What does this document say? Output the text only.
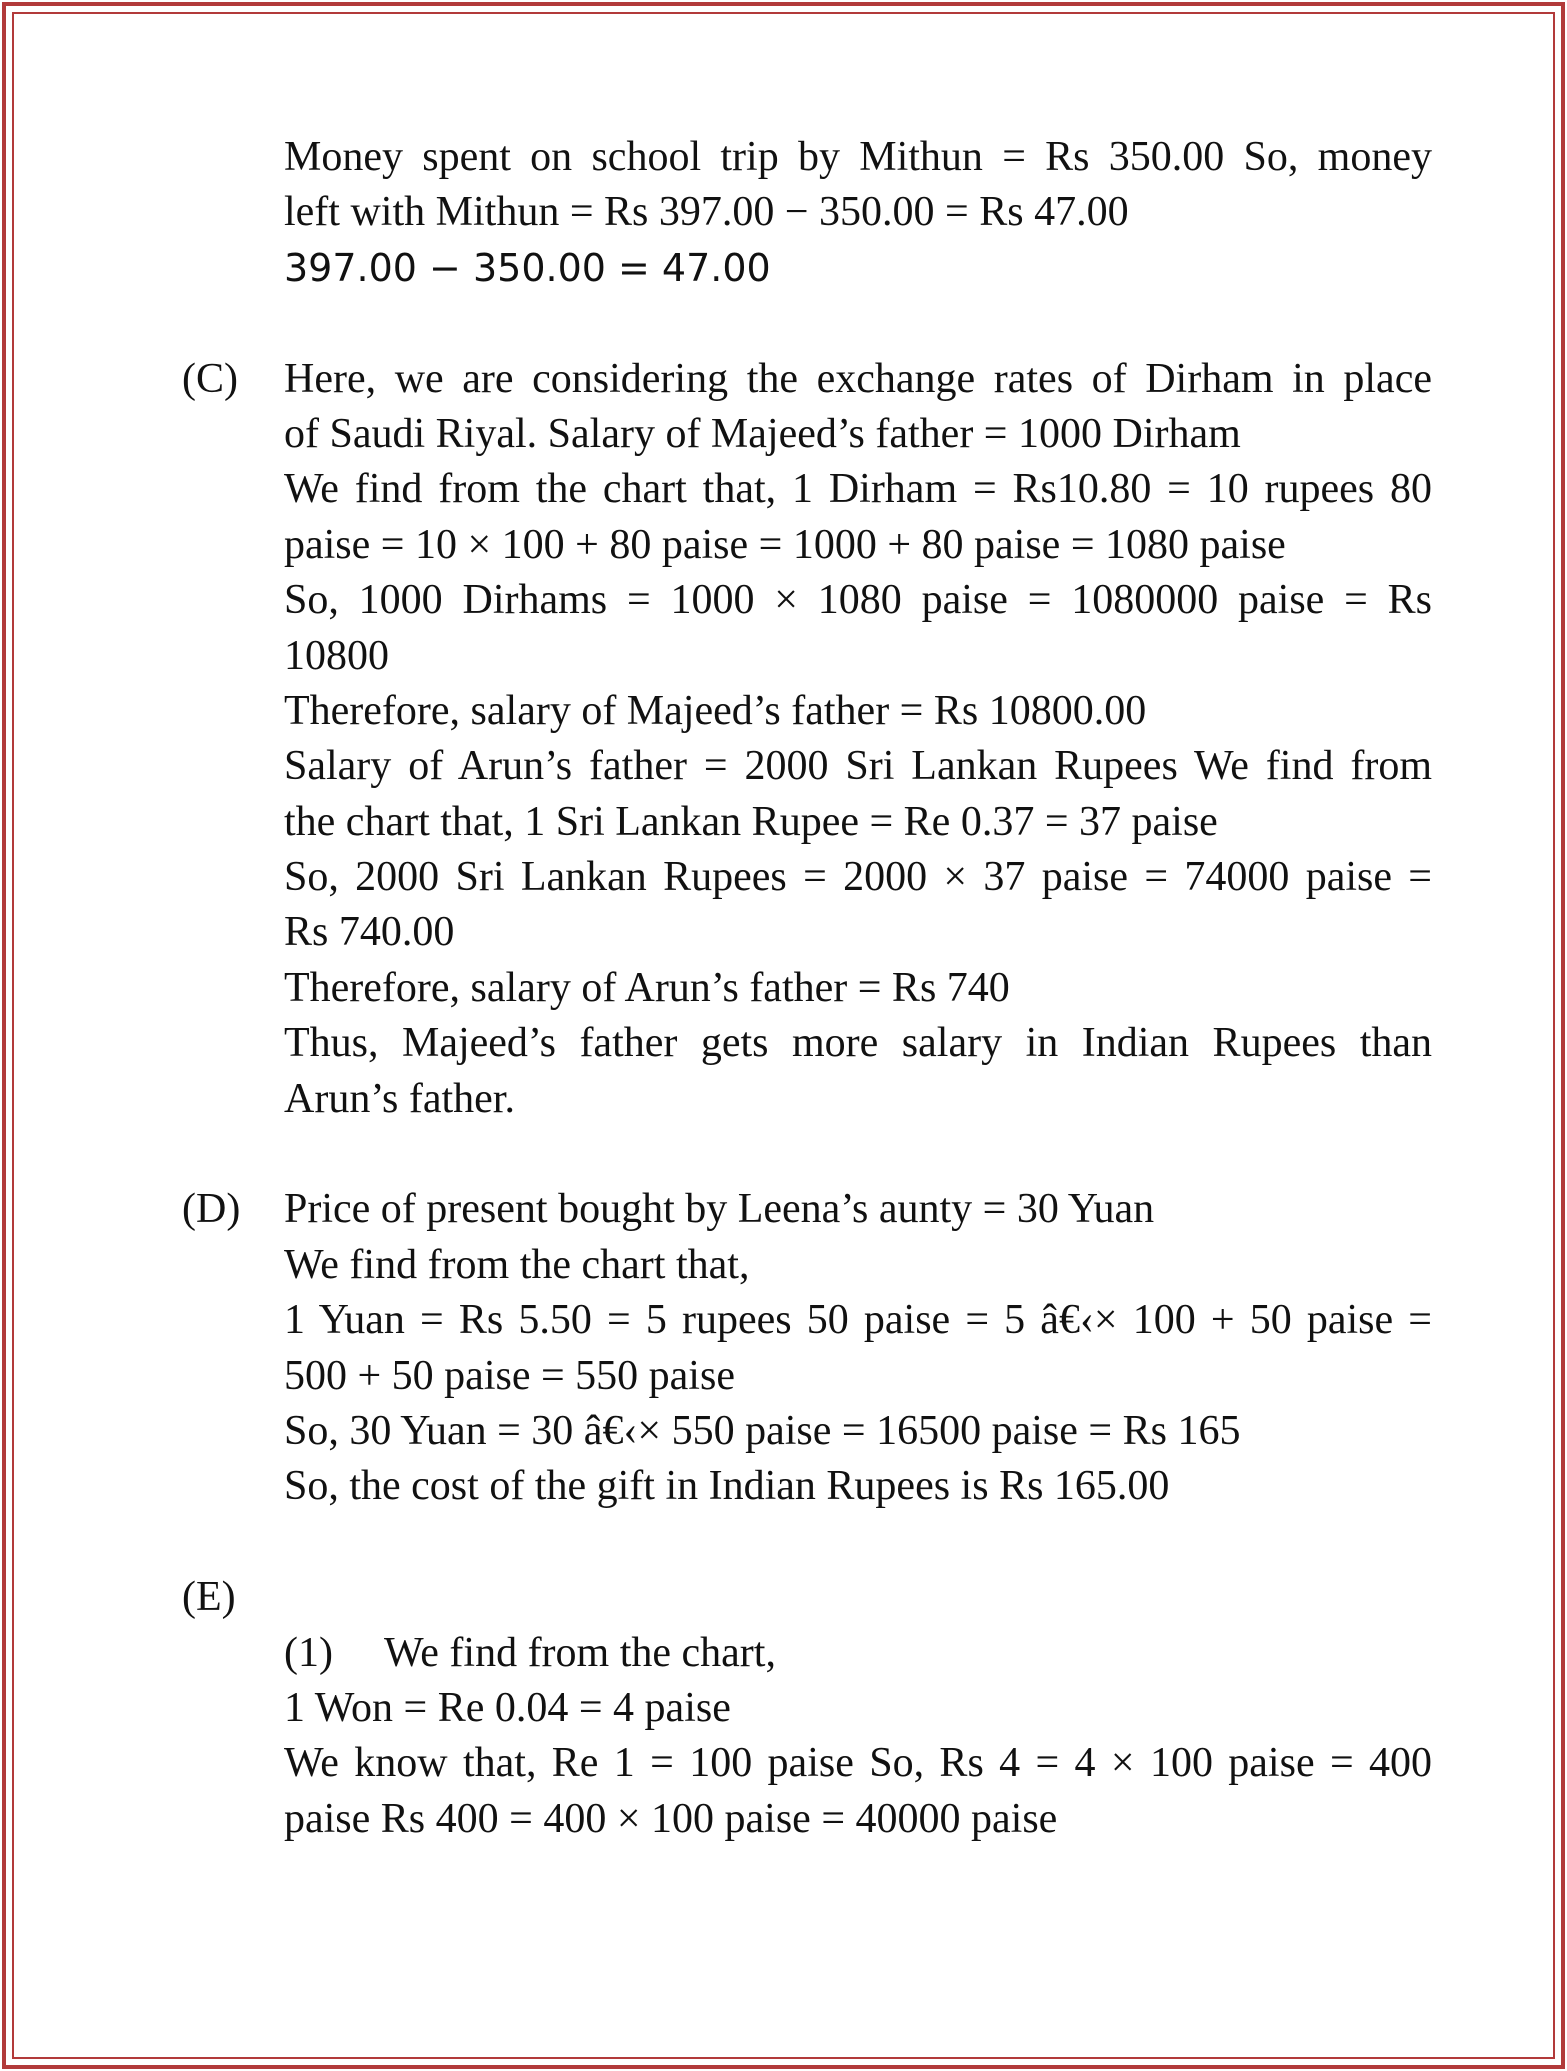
Money spent on school trip by Mithun = Rs 350.00 So, money
left with Mithun = Rs 397.00 − 350.00 = Rs 47.00
397.00 − 350.00 = 47.00
(C) Here, we are considering the exchange rates of Dirham in place
of Saudi Riyal. Salary of Majeed’s father = 1000 Dirham
We find from the chart that, 1 Dirham = Rs10.80 = 10 rupees 80
paise = 10 × 100 + 80 paise = 1000 + 80 paise = 1080 paise
So, 1000 Dirhams = 1000 × 1080 paise = 1080000 paise = Rs
10800
Therefore, salary of Majeed’s father = Rs 10800.00
Salary of Arun’s father = 2000 Sri Lankan Rupees We find from
the chart that, 1 Sri Lankan Rupee = Re 0.37 = 37 paise
So, 2000 Sri Lankan Rupees = 2000 × 37 paise = 74000 paise =
Rs 740.00
Therefore, salary of Arun’s father = Rs 740
Thus, Majeed’s father gets more salary in Indian Rupees than
Arun’s father.
(D) Price of present bought by Leena’s aunty = 30 Yuan
We find from the chart that,
1 Yuan = Rs 5.50 = 5 rupees 50 paise = 5 â€‹× 100 + 50 paise =
500 + 50 paise = 550 paise
So, 30 Yuan = 30 â€‹× 550 paise = 16500 paise = Rs 165
So, the cost of the gift in Indian Rupees is Rs 165.00
(E)
(1) We find from the chart,
1 Won = Re 0.04 = 4 paise
We know that, Re 1 = 100 paise So, Rs 4 = 4 × 100 paise = 400
paise Rs 400 = 400 × 100 paise = 40000 paise
